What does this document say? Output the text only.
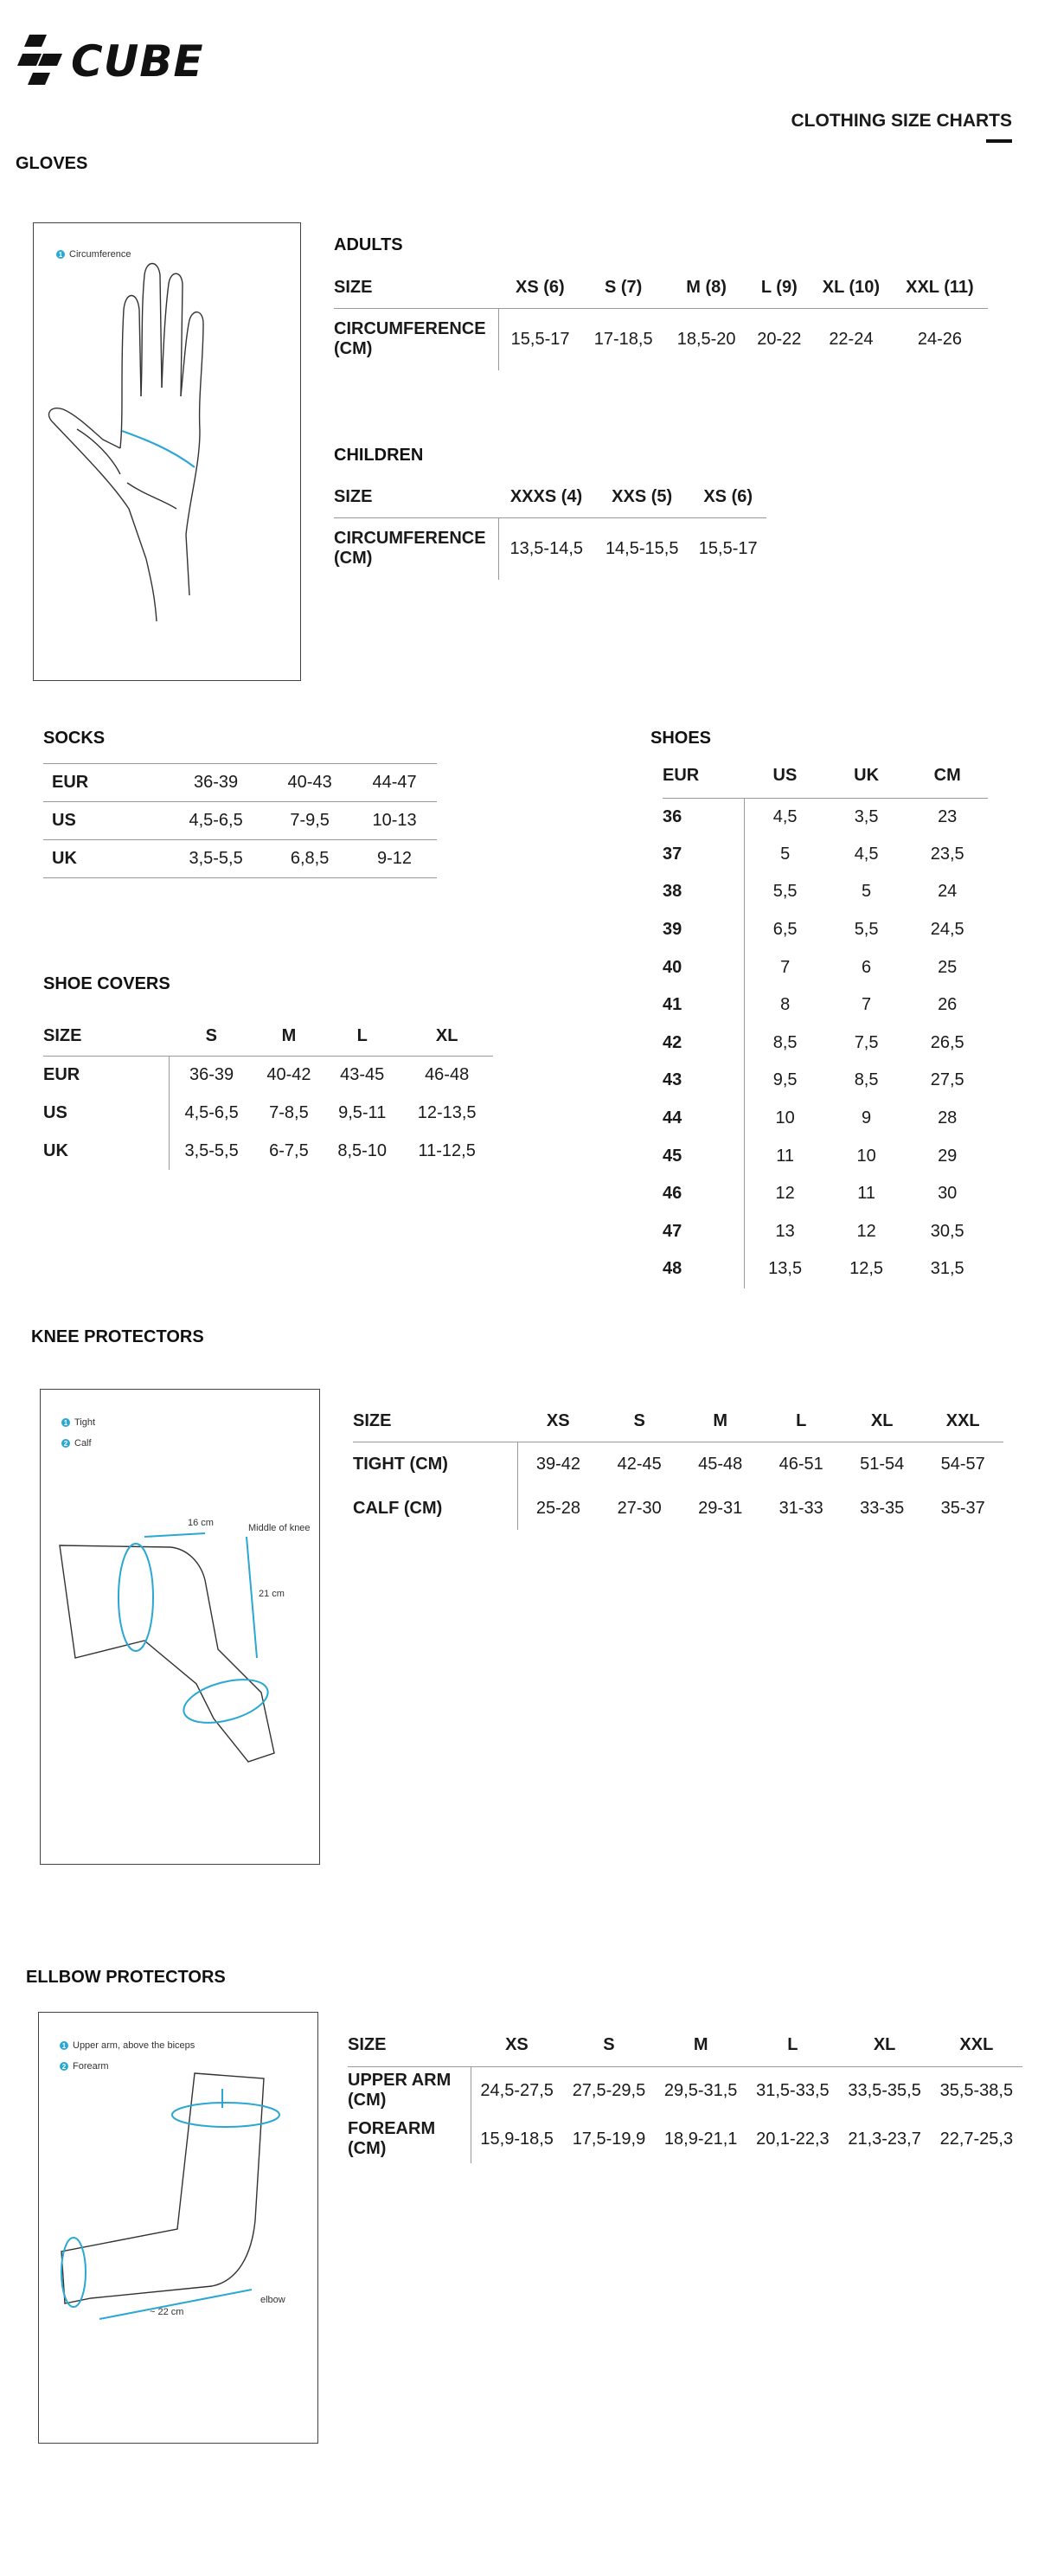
CUBE
CLOTHING SIZE CHARTS
GLOVES
1 Circumference	ADULTS
SIZE	XS (6)	S (7)	M (8)	L (9)	XL (10)	XXL (11)
CIRCUMFERENCE (CM)	15,5-17	17-18,5	18,5-20	20-22	22-24	24-26
CHILDREN
SIZE	XXXS (4)	XXS (5)	XS (6)
CIRCUMFERENCE (CM)	13,5-14,5	14,5-15,5	15,5-17
SOCKS
EUR	36-39	40-43	44-47
US	4,5-6,5	7-9,5	10-13
UK	3,5-5,5	6,8,5	9-12
SHOE COVERS
SIZE	S	M	L	XL
EUR	36-39	40-42	43-45	46-48
US	4,5-6,5	7-8,5	9,5-11	12-13,5
UK	3,5-5,5	6-7,5	8,5-10	11-12,5
SHOES
EUR	US	UK	CM
36	4,5	3,5	23
37	5	4,5	23,5
38	5,5	5	24
39	6,5	5,5	24,5
40	7	6	25
41	8	7	26
42	8,5	7,5	26,5
43	9,5	8,5	27,5
44	10	9	28
45	11	10	29
46	12	11	30
47	13	12	30,5
48	13,5	12,5	31,5
KNEE PROTECTORS
1 Tight
2 Calf
16 cm	Middle of knee
21 cm
SIZE	XS	S	M	L	XL	XXL
TIGHT (CM)	39-42	42-45	45-48	46-51	51-54	54-57
CALF (CM)	25-28	27-30	29-31	31-33	33-35	35-37
ELLBOW PROTECTORS
1 Upper arm, above the biceps
2 Forearm
~ 22 cm
elbow
SIZE	XS	S	M	L	XL	XXL
UPPER ARM (CM)	24,5-27,5	27,5-29,5	29,5-31,5	31,5-33,5	33,5-35,5	35,5-38,5
FOREARM (CM)	15,9-18,5	17,5-19,9	18,9-21,1	20,1-22,3	21,3-23,7	22,7-25,3
